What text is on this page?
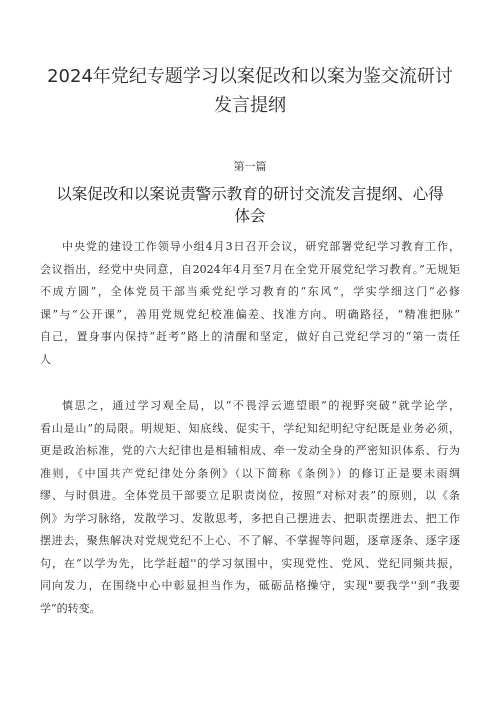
2024年党纪专题学习以案促改和以案为鉴交流研讨
发言提纲
第一篇
以案促改和以案说责警示教育的研讨交流发言提纲、心得
体会
中央党的建设工作领导小组4月3日召开会议，研究部署党纪学习教育工作，
会议指出，经党中央同意，自2024年4月至7月在全党开展党纪学习教育。”无规矩
不成方圆”，全体党员干部当乘党纪学习教育的“东风”，学实学细这门“必修
课”与“公开课”，善用党规党纪校准偏差、找准方向、明确路径，“精准把脉”
自己，置身事内保持“赶考”路上的清醒和坚定，做好自己党纪学习的“第一责任
人
慎思之，通过学习观全局，以“不畏浮云遮望眼”的视野突破“就学论学，
看山是山”的局限。明规矩、知底线、促实干，学纪知纪明纪守纪既是业务必须，
更是政治标准，党的六大纪律也是相辅相成、牵一发动全身的严密知识体系、行为
准则，《中国共产党纪律处分条例》（以下简称《条例》）的修订正是要未雨绸
缪、与时俱进。全体党员干部要立足职责岗位，按照“对标对表”的原则，以《条
例》为学习脉络，发散学习、发散思考，多把自己摆进去、把职责摆进去、把工作
摆进去，聚焦解决对党规党纪不上心、不了解、不掌握等问题，逐章逐条、逐字逐
句，在“以学为先，比学赶超''的学习氛围中，实现党性、党风、党纪同频共振，
同向发力，在围绕中心中彰显担当作为，砥砺品格操守，实现"要我学''到“我要
学”的转变。
